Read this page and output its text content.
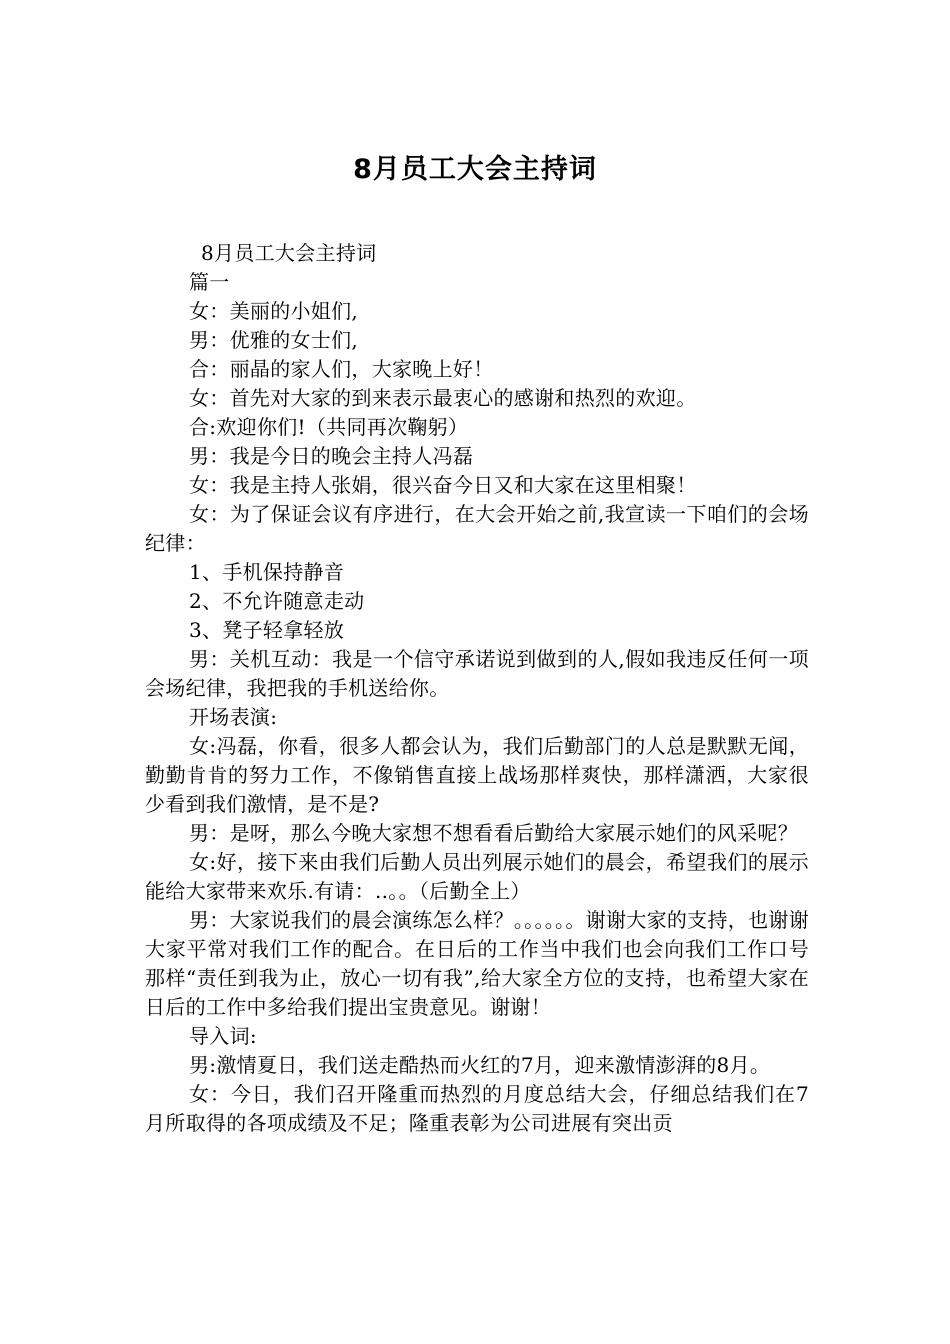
8月员工大会主持词

8月员工大会主持词

篇一

女：美丽的小姐们,

男：优雅的女士们,

合：丽晶的家人们，大家晚上好！

女：首先对大家的到来表示最衷心的感谢和热烈的欢迎。

合:欢迎你们!（共同再次鞠躬）

男：我是今日的晚会主持人冯磊

女：我是主持人张娟，很兴奋今日又和大家在这里相聚！

女：为了保证会议有序进行，在大会开始之前,我宣读一下咱们的会场纪律：

1、手机保持静音

2、不允许随意走动

3、凳子轻拿轻放

男：关机互动：我是一个信守承诺说到做到的人,假如我违反任何一项会场纪律，我把我的手机送给你。

开场表演:

女:冯磊，你看，很多人都会认为，我们后勤部门的人总是默默无闻，勤勤肯肯的努力工作，不像销售直接上战场那样爽快，那样潇洒，大家很少看到我们激情，是不是?

男：是呀，那么今晚大家想不想看看后勤给大家展示她们的风采呢？

女:好，接下来由我们后勤人员出列展示她们的晨会，希望我们的展示能给大家带来欢乐.有请：..。。（后勤全上）

男：大家说我们的晨会演练怎么样？。。。。。。谢谢大家的支持，也谢谢大家平常对我们工作的配合。在日后的工作当中我们也会向我们工作口号那样“责任到我为止，放心一切有我”,给大家全方位的支持，也希望大家在日后的工作中多给我们提出宝贵意见。谢谢！

导入词:

男:激情夏日，我们送走酷热而火红的7月，迎来激情澎湃的8月。

女：今日，我们召开隆重而热烈的月度总结大会，仔细总结我们在7月所取得的各项成绩及不足；隆重表彰为公司进展有突出贡
